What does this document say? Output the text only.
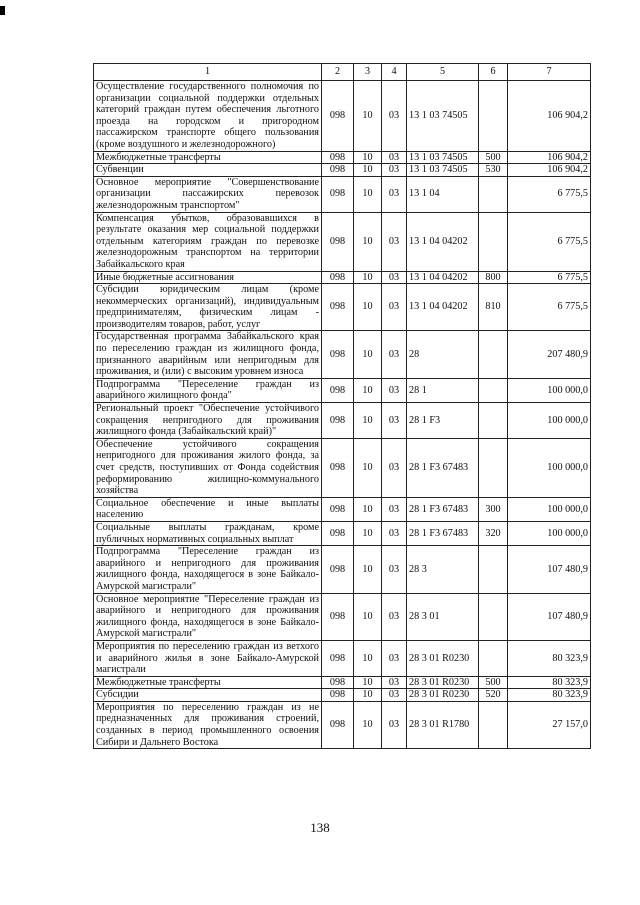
1	2	3	4	5	6	7
Осуществление государственного полномочия по организации социальной поддержки отдельных категорий граждан путем обеспечения льготного проезда на городском и пригородном пассажирском транспорте общего пользования (кроме воздушного и железнодорожного)	098	10	03	13 1 03 74505		106 904,2
Межбюджетные трансферты	098	10	03	13 1 03 74505	500	106 904,2
Субвенции	098	10	03	13 1 03 74505	530	106 904,2
Основное мероприятие "Совершенствование организации пассажирских перевозок железнодорожным транспортом"	098	10	03	13 1 04		6 775,5
Компенсация убытков, образовавшихся в результате оказания мер социальной поддержки отдельным категориям граждан по перевозке железнодорожным транспортом на территории Забайкальского края	098	10	03	13 1 04 04202		6 775,5
Иные бюджетные ассигнования	098	10	03	13 1 04 04202	800	6 775,5
Субсидии юридическим лицам (кроме некоммерческих организаций), индивидуальным предпринимателям, физическим лицам - производителям товаров, работ, услуг	098	10	03	13 1 04 04202	810	6 775,5
Государственная программа Забайкальского края по переселению граждан из жилищного фонда, признанного аварийным или непригодным для проживания, и (или) с высоким уровнем износа	098	10	03	28		207 480,9
Подпрограмма "Переселение граждан из аварийного жилищного фонда"	098	10	03	28 1		100 000,0
Региональный проект "Обеспечение устойчивого сокращения непригодного для проживания жилищного фонда (Забайкальский край)"	098	10	03	28 1 F3		100 000,0
Обеспечение устойчивого сокращения непригодного для проживания жилого фонда, за счет средств, поступивших от Фонда содействия реформированию жилищно-коммунального хозяйства	098	10	03	28 1 F3 67483		100 000,0
Социальное обеспечение и иные выплаты населению	098	10	03	28 1 F3 67483	300	100 000,0
Социальные выплаты гражданам, кроме публичных нормативных социальных выплат	098	10	03	28 1 F3 67483	320	100 000,0
Подпрограмма "Переселение граждан из аварийного и непригодного для проживания жилищного фонда, находящегося в зоне Байкало-Амурской магистрали"	098	10	03	28 3		107 480,9
Основное мероприятие "Переселение граждан из аварийного и непригодного для проживания жилищного фонда, находящегося в зоне Байкало-Амурской магистрали"	098	10	03	28 3 01		107 480,9
Мероприятия по переселению граждан из ветхого и аварийного жилья в зоне Байкало-Амурской магистрали	098	10	03	28 3 01 R0230		80 323,9
Межбюджетные трансферты	098	10	03	28 3 01 R0230	500	80 323,9
Субсидии	098	10	03	28 3 01 R0230	520	80 323,9
Мероприятия по переселению граждан из не предназначенных для проживания строений, созданных в период промышленного освоения Сибири и Дальнего Востока	098	10	03	28 3 01 R1780		27 157,0
138
